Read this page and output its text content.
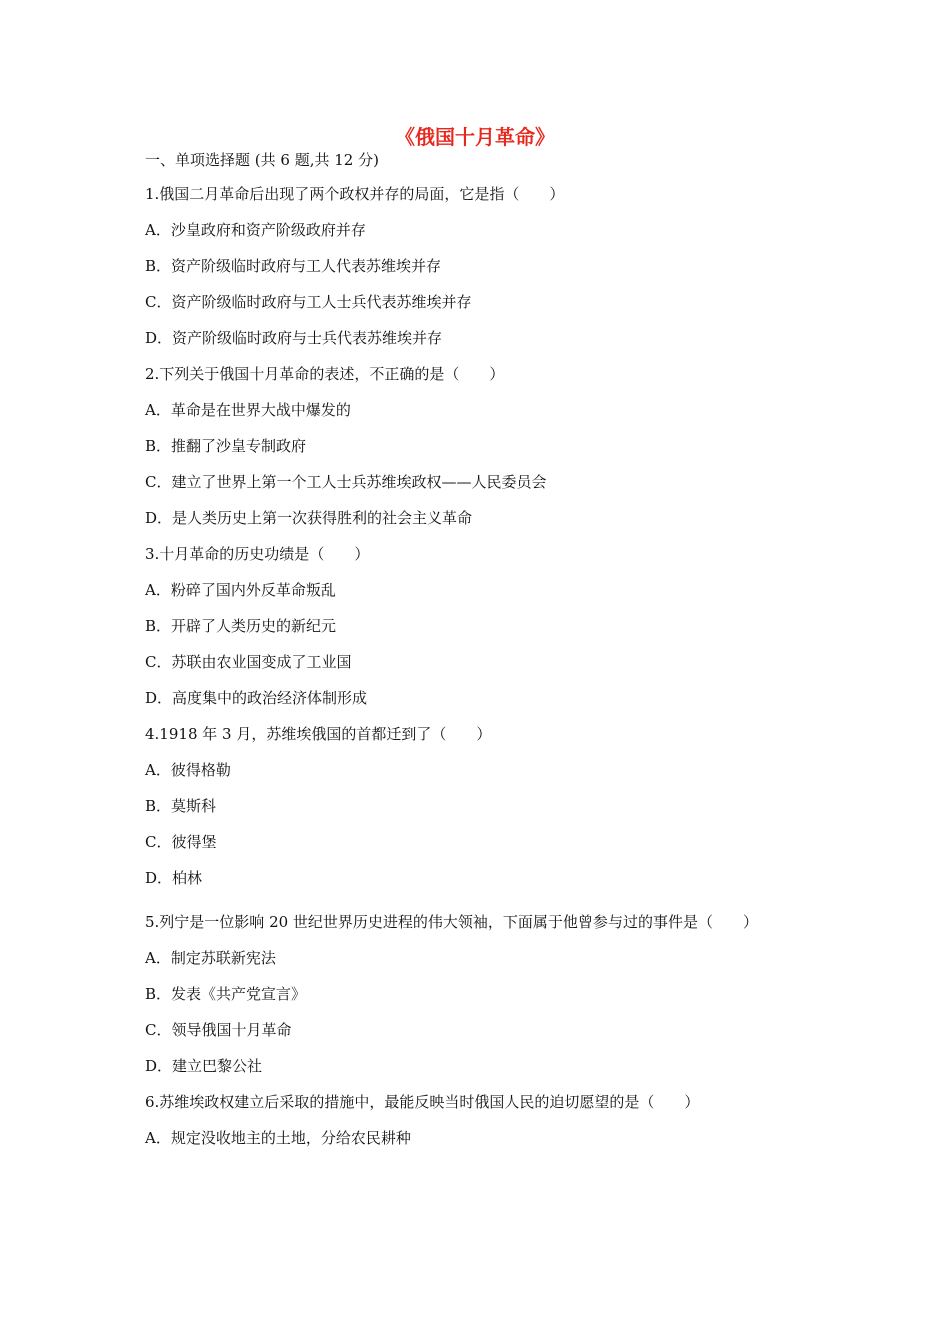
《俄国十月革命》
一、单项选择题 (共 6 题,共 12 分)
1.俄国二月革命后出现了两个政权并存的局面，它是指（　　）
A．沙皇政府和资产阶级政府并存
B．资产阶级临时政府与工人代表苏维埃并存
C．资产阶级临时政府与工人士兵代表苏维埃并存
D．资产阶级临时政府与士兵代表苏维埃并存
2.下列关于俄国十月革命的表述，不正确的是（　　）
A．革命是在世界大战中爆发的
B．推翻了沙皇专制政府
C．建立了世界上第一个工人士兵苏维埃政权——人民委员会
D．是人类历史上第一次获得胜利的社会主义革命
3.十月革命的历史功绩是（　　）
A．粉碎了国内外反革命叛乱
B．开辟了人类历史的新纪元
C．苏联由农业国变成了工业国
D．高度集中的政治经济体制形成
4.1918 年 3 月，苏维埃俄国的首都迁到了（　　）
A．彼得格勒
B．莫斯科
C．彼得堡
D．柏林
5.列宁是一位影响 20 世纪世界历史进程的伟大领袖，下面属于他曾参与过的事件是（　　）
A．制定苏联新宪法
B．发表《共产党宣言》
C．领导俄国十月革命
D．建立巴黎公社
6.苏维埃政权建立后采取的措施中，最能反映当时俄国人民的迫切愿望的是（　　）
A．规定没收地主的土地，分给农民耕种
